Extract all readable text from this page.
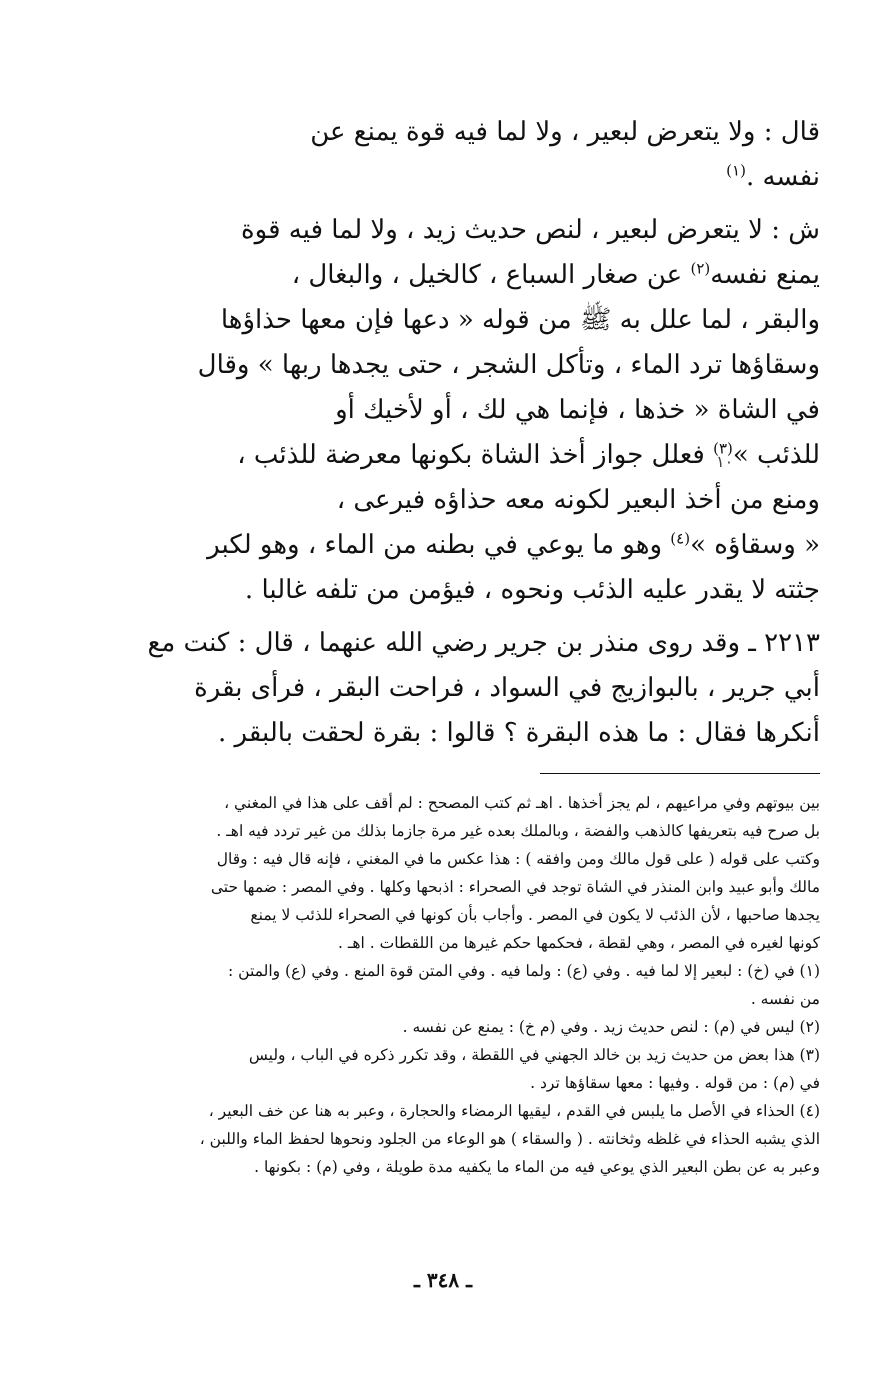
قال : ولا يتعرض لبعير ، ولا لما فيه قوة يمنع عن

نفسه .$^{(١)}$

ش : لا يتعرض لبعير ، لنص حديث زيد ، ولا لما فيه قوة

يمنع نفسه$^{(٢)}$ عن صغار السباع ، كالخيل ، والبغال ،

والبقر ، لما علل به ﷺ من قوله « دعها فإن معها حذاؤها

وسقاؤها ترد الماء ، وتأكل الشجر ، حتى يجدها ربها » وقال

في الشاة « خذها ، فإنما هي لك ، أو لأخيك أو

للذئب »$^{(٣)}$ فعلل جواز أخذ الشاة بكونها معرضة للذئب ،

ومنع من أخذ البعير لكونه معه حذاؤه فيرعى ،

« وسقاؤه »$^{(٤)}$ وهو ما يوعي في بطنه من الماء ، وهو لكبر

جثته لا يقدر عليه الذئب ونحوه ، فيؤمن من تلفه غالبا .

٢٢١٣ ـ وقد روى منذر بن جرير رضي الله عنهما ، قال : كنت مع

أبي جرير ، بالبوازيج في السواد ، فراحت البقر ، فرأى بقرة

أنكرها فقال : ما هذه البقرة ؟ قالوا : بقرة لحقت بالبقر .

١٠

بين بيوتهم وفي مراعيهم ، لم يجز أخذها . اهـ ثم كتب المصحح : لم أقف على هذا في المغني ،

بل صرح فيه بتعريفها كالذهب والفضة ، وبالملك بعده غير مرة جازما بذلك من غير تردد فيه اهـ .

وكتب على قوله ( على قول مالك ومن وافقه ) : هذا عكس ما في المغني ، فإنه قال فيه : وقال

مالك وأبو عبيد وابن المنذر في الشاة توجد في الصحراء : اذبحها وكلها . وفي المصر : ضمها حتى

يجدها صاحبها ، لأن الذئب لا يكون في المصر . وأجاب بأن كونها في الصحراء للذئب لا يمنع

كونها لغيره في المصر ، وهي لقطة ، فحكمها حكم غيرها من اللقطات . اهـ .

(١) في (خ) : لبعير إلا لما فيه . وفي (ع) : ولما فيه . وفي المتن قوة المنع . وفي (ع) والمتن :

من نفسه .

(٢) ليس في (م) : لنص حديث زيد . وفي (م خ) : يمنع عن نفسه .

(٣) هذا بعض من حديث زيد بن خالد الجهني في اللقطة ، وقد تكرر ذكره في الباب ، وليس

في (م) : من قوله . وفيها : معها سقاؤها ترد .

(٤) الحذاء في الأصل ما يلبس في القدم ، ليقيها الرمضاء والحجارة ، وعبر به هنا عن خف البعير ،

الذي يشبه الحذاء في غلظه وثخانته . ( والسقاء ) هو الوعاء من الجلود ونحوها لحفظ الماء واللبن ،

وعبر به عن بطن البعير الذي يوعي فيه من الماء ما يكفيه مدة طويلة ، وفي (م) : بكونها .

ـ ٣٤٨ ـ
